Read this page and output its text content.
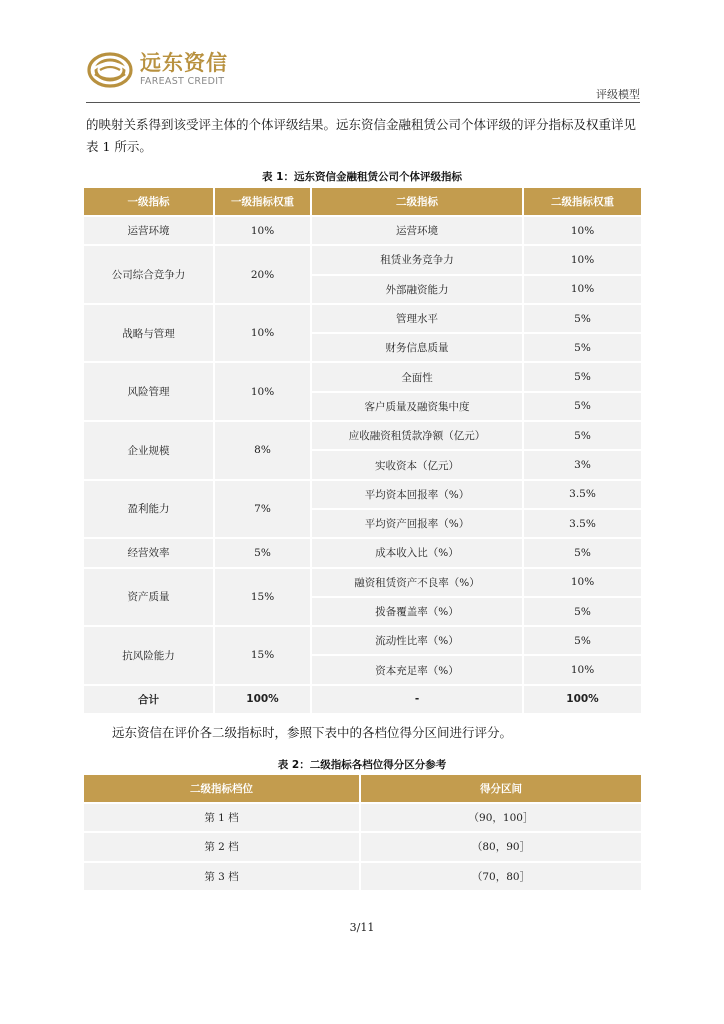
远东资信
FAREAST CREDIT
评级模型

的映射关系得到该受评主体的个体评级结果。远东资信金融租赁公司个体评级的评分指标及权重详见表 1 所示。

表 1：远东资信金融租赁公司个体评级指标
一级指标	一级指标权重	二级指标	二级指标权重
运营环境	10%	运营环境	10%
公司综合竞争力	20%	租赁业务竞争力	10%
		外部融资能力	10%
战略与管理	10%	管理水平	5%
		财务信息质量	5%
风险管理	10%	全面性	5%
		客户质量及融资集中度	5%
企业规模	8%	应收融资租赁款净额（亿元）	5%
		实收资本（亿元）	3%
盈利能力	7%	平均资本回报率（%）	3.5%
		平均资产回报率（%）	3.5%
经营效率	5%	成本收入比（%）	5%
资产质量	15%	融资租赁资产不良率（%）	10%
		拨备覆盖率（%）	5%
抗风险能力	15%	流动性比率（%）	5%
		资本充足率（%）	10%
合计	100%	-	100%

远东资信在评价各二级指标时，参照下表中的各档位得分区间进行评分。

表 2：二级指标各档位得分区分参考
二级指标档位	得分区间
第 1 档	（90，100］
第 2 档	（80，90］
第 3 档	（70，80］
3/11
